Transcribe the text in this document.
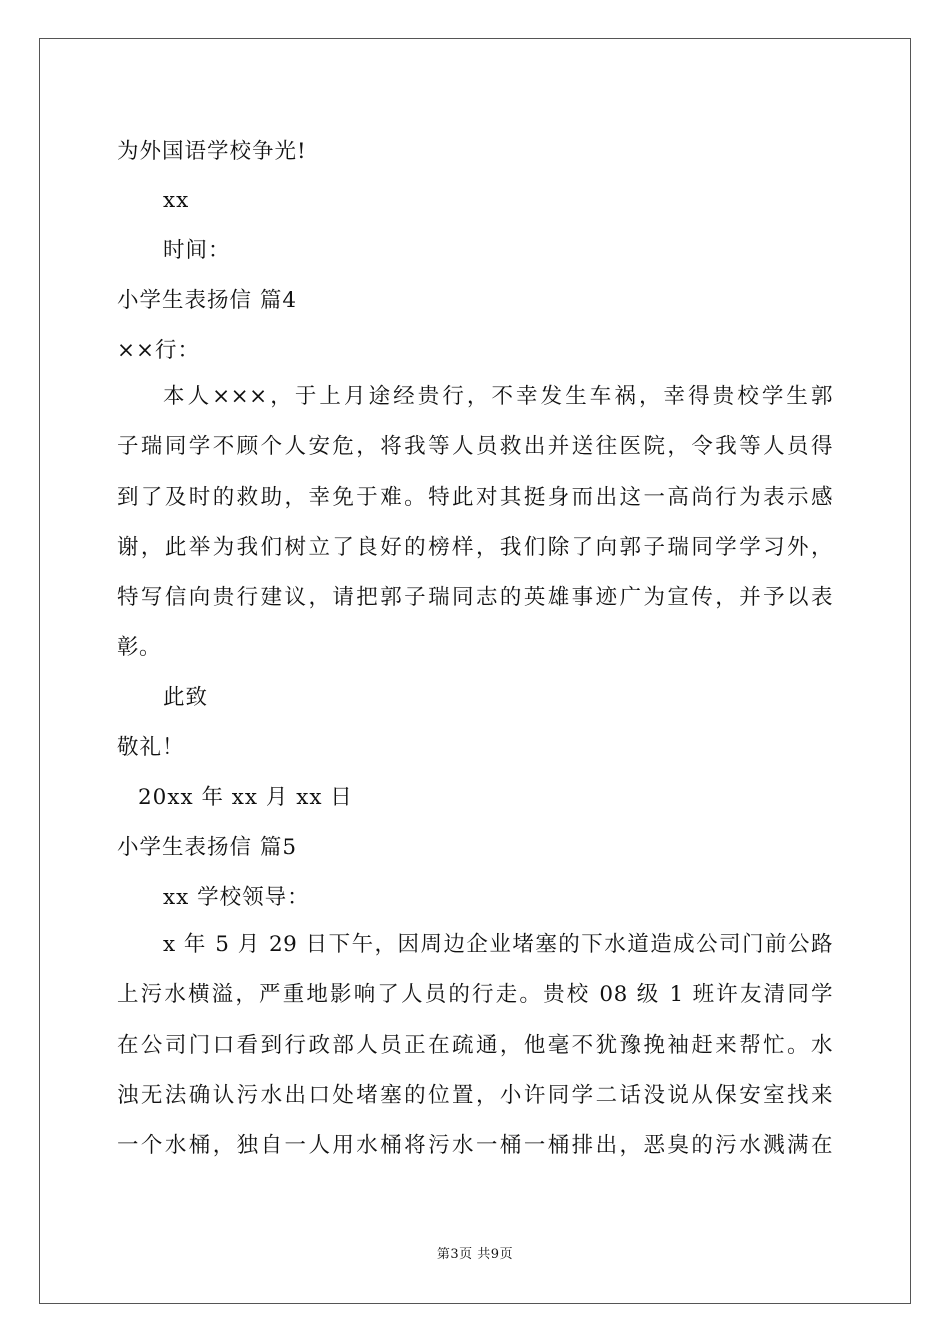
为外国语学校争光!
xx
时间：
小学生表扬信 篇4
××行：
本人×××，于上月途经贵行，不幸发生车祸，幸得贵校学生郭
子瑞同学不顾个人安危，将我等人员救出并送往医院，令我等人员得
到了及时的救助，幸免于难。特此对其挺身而出这一高尚行为表示感
谢，此举为我们树立了良好的榜样，我们除了向郭子瑞同学学习外，
特写信向贵行建议，请把郭子瑞同志的英雄事迹广为宣传，并予以表
彰。
此致
敬礼！
20xx 年 xx 月 xx 日
小学生表扬信 篇5
xx 学校领导：
x 年 5 月 29 日下午，因周边企业堵塞的下水道造成公司门前公路
上污水横溢，严重地影响了人员的行走。贵校 08 级 1 班许友清同学
在公司门口看到行政部人员正在疏通，他毫不犹豫挽袖赶来帮忙。水
浊无法确认污水出口处堵塞的位置，小许同学二话没说从保安室找来
一个水桶，独自一人用水桶将污水一桶一桶排出，恶臭的污水溅满在
第3页 共9页
